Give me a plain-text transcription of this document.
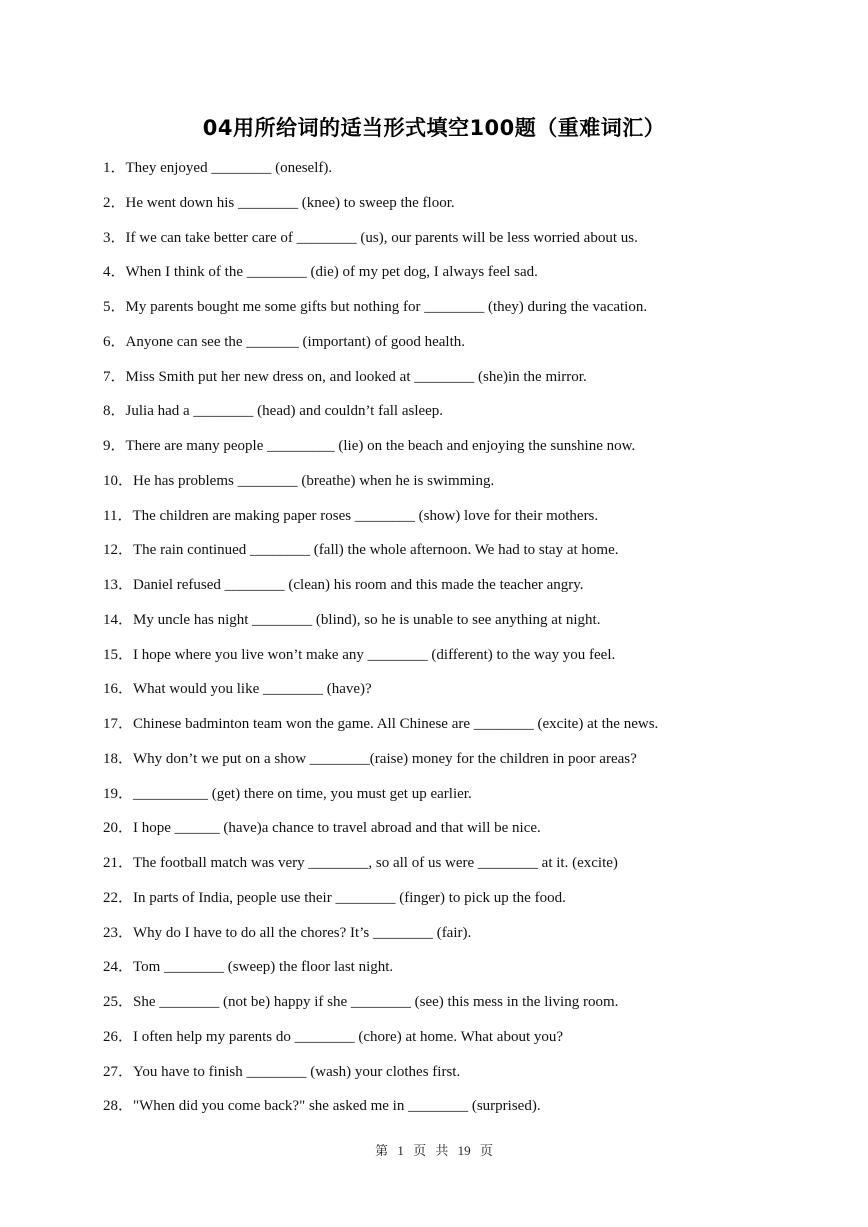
04用所给词的适当形式填空100题（重难词汇）
1．They enjoyed ________ (oneself).
2．He went down his ________ (knee) to sweep the floor.
3．If we can take better care of ________ (us), our parents will be less worried about us.
4．When I think of the ________ (die) of my pet dog, I always feel sad.
5．My parents bought me some gifts but nothing for ________ (they) during the vacation.
6．Anyone can see the _______ (important) of good health.
7．Miss Smith put her new dress on, and looked at ________ (she)in the mirror.
8．Julia had a ________ (head) and couldn’t fall asleep.
9．There are many people _________ (lie) on the beach and enjoying the sunshine now.
10．He has problems ________ (breathe) when he is swimming.
11．The children are making paper roses ________ (show) love for their mothers.
12．The rain continued ________ (fall) the whole afternoon. We had to stay at home.
13．Daniel refused ________ (clean) his room and this made the teacher angry.
14．My uncle has night ________ (blind), so he is unable to see anything at night.
15．I hope where you live won’t make any ________ (different) to the way you feel.
16．What would you like ________ (have)?
17．Chinese badminton team won the game. All Chinese are ________ (excite) at the news.
18．Why don’t we put on a show ________(raise) money for the children in poor areas?
19．__________ (get) there on time, you must get up earlier.
20．I hope ______ (have)a chance to travel abroad and that will be nice.
21．The football match was very ________, so all of us were ________ at it. (excite)
22．In parts of India, people use their ________ (finger) to pick up the food.
23．Why do I have to do all the chores? It’s ________ (fair).
24．Tom ________ (sweep) the floor last night.
25．She ________ (not be) happy if she ________ (see) this mess in the living room.
26．I often help my parents do ________ (chore) at home. What about you?
27．You have to finish ________ (wash) your clothes first.
28．"When did you come back?" she asked me in ________ (surprised).
第 1 页 共 19 页
